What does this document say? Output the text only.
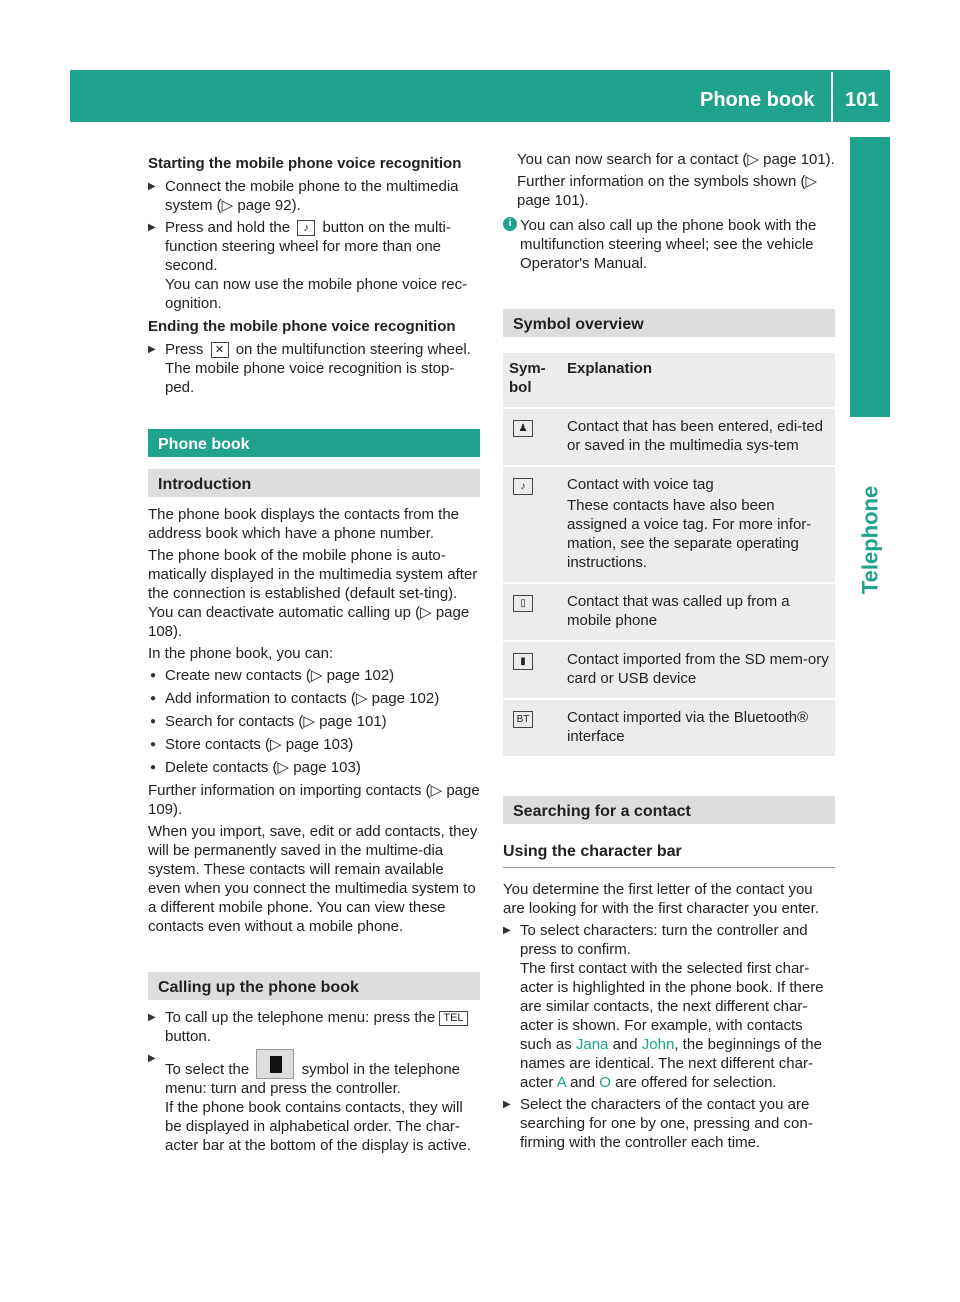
Phone book 101
Telephone
Starting the mobile phone voice recognition
▶ Connect the mobile phone to the multimedia system (▷ page 92).
▶ Press and hold the ♪ button on the multi-function steering wheel for more than one second.
You can now use the mobile phone voice rec-ognition.
Ending the mobile phone voice recognition
▶ Press ✕ on the multifunction steering wheel.
The mobile phone voice recognition is stop-ped.
Phone book
Introduction

The phone book displays the contacts from the address book which have a phone number.

The phone book of the mobile phone is auto-matically displayed in the multimedia system after the connection is established (default set-ting). You can deactivate automatic calling up (▷ page 108).

In the phone book, you can:

● Create new contacts (▷ page 102)
● Add information to contacts (▷ page 102)
● Search for contacts (▷ page 101)
● Store contacts (▷ page 103)
● Delete contacts (▷ page 103)

Further information on importing contacts (▷ page 109).

When you import, save, edit or add contacts, they will be permanently saved in the multime-dia system. These contacts will remain available even when you connect the multimedia system to a different mobile phone. You can view these contacts even without a mobile phone.

Calling up the phone book
▶ To call up the telephone menu: press the TEL button.
▶ To select the	symbol in the telephone menu: turn and press the controller.
If the phone book contains contacts, they will be displayed in alphabetical order. The char-acter bar at the bottom of the display is active.

You can now search for a contact (▷ page 101).

Further information on the symbols shown (▷ page 101).

i You can also call up the phone book with the multifunction steering wheel; see the vehicle Operator's Manual.
Symbol overview
Sym-bol	Explanation
♟	Contact that has been entered, edi-ted or saved in the multimedia sys-tem

♪	Contact with voice tag
These contacts have also been assigned a voice tag. For more infor-mation, see the separate operating instructions.

▯	Contact that was called up from a mobile phone

▮	Contact imported from the SD mem-ory card or USB device

BT	Contact imported via the Bluetooth® interface
Searching for a contact
Using the character bar

You determine the first letter of the contact you are looking for with the first character you enter.

▶ To select characters: turn the controller and press to confirm.
The first contact with the selected first char-acter is highlighted in the phone book. If there are similar contacts, the next different char-acter is shown. For example, with contacts such as Jana and John, the beginnings of the names are identical. The next different char-acter A and O are offered for selection.
▶ Select the characters of the contact you are searching for one by one, pressing and con-firming with the controller each time.
